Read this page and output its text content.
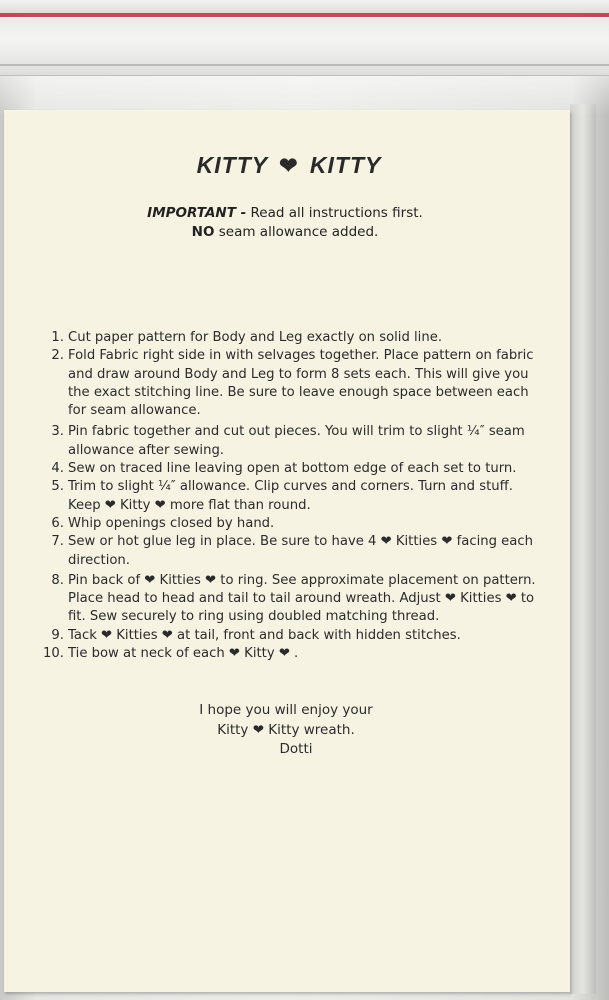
KITTY ❤ KITTY
IMPORTANT - Read all instructions first.
NO seam allowance added.
1. Cut paper pattern for Body and Leg exactly on solid line.
2. Fold Fabric right side in with selvages together. Place pattern on fabric and draw around Body and Leg to form 8 sets each. This will give you the exact stitching line. Be sure to leave enough space between each for seam allowance.
3. Pin fabric together and cut out pieces. You will trim to slight ¼″ seam allowance after sewing.
4. Sew on traced line leaving open at bottom edge of each set to turn.
5. Trim to slight ¼″ allowance. Clip curves and corners. Turn and stuff. Keep ❤ Kitty ❤ more flat than round.
6. Whip openings closed by hand.
7. Sew or hot glue leg in place. Be sure to have 4 ❤ Kitties ❤ facing each direction.
8. Pin back of ❤ Kitties ❤ to ring. See approximate placement on pattern. Place head to head and tail to tail around wreath. Adjust ❤ Kitties ❤ to fit. Sew securely to ring using doubled matching thread.
9. Tack ❤ Kitties ❤ at tail, front and back with hidden stitches.
10. Tie bow at neck of each ❤ Kitty ❤ .
I hope you will enjoy your
Kitty ❤ Kitty wreath.
Dotti
